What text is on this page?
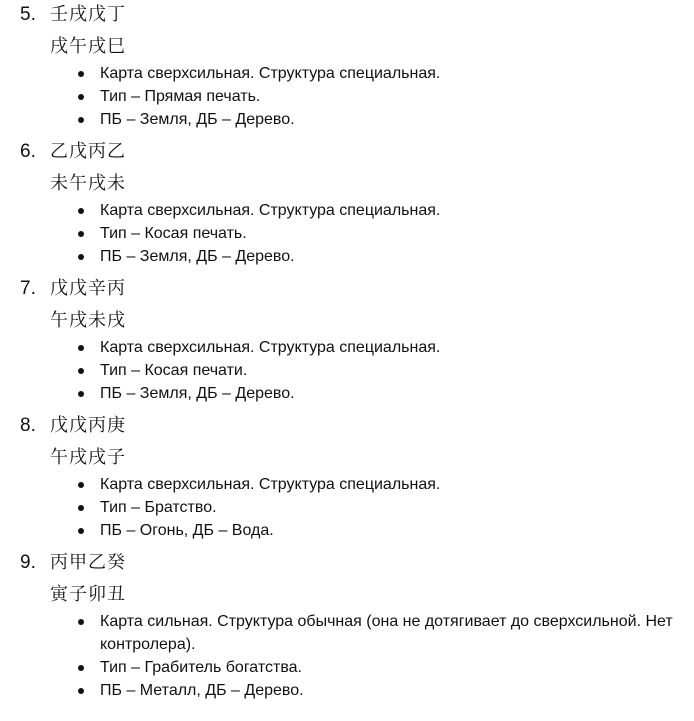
5. 壬戌戊丁
戌午戌巳
Карта сверхсильная. Структура специальная.
Тип – Прямая печать.
ПБ – Земля, ДБ – Дерево.
6. 乙戊丙乙
未午戌未
Карта сверхсильная. Структура специальная.
Тип – Косая печать.
ПБ – Земля, ДБ – Дерево.
7. 戊戊辛丙
午戌未戌
Карта сверхсильная. Структура специальная.
Тип – Косая печати.
ПБ – Земля, ДБ – Дерево.
8. 戊戊丙庚
午戌戌子
Карта сверхсильная. Структура специальная.
Тип – Братство.
ПБ – Огонь, ДБ – Вода.
9. 丙甲乙癸
寅子卯丑
Карта сильная. Структура обычная (она не дотягивает до сверхсильной. Нет контролера).
Тип – Грабитель богатства.
ПБ – Металл, ДБ – Дерево.
